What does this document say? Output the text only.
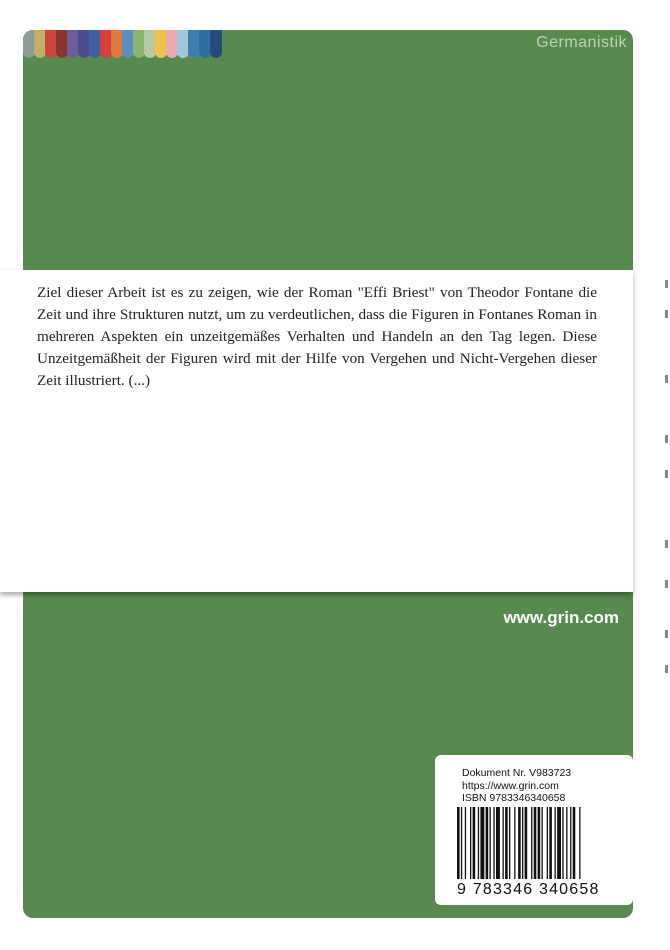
Germanistik
www.grin.com
Dokument Nr. V983723
https://www.grin.com
ISBN 9783346340658
9 783346 340658

Ziel dieser Arbeit ist es zu zeigen, wie der Roman "Effi Briest" von Theodor Fontane die Zeit und ihre Strukturen nutzt, um zu verdeutlichen, dass die Figuren in Fontanes Roman in mehreren Aspekten ein unzeitgemäßes Verhalten und Handeln an den Tag legen. Diese Unzeitgemäßheit der Figuren wird mit der Hilfe von Vergehen und Nicht-Vergehen dieser Zeit illustriert. (...)
